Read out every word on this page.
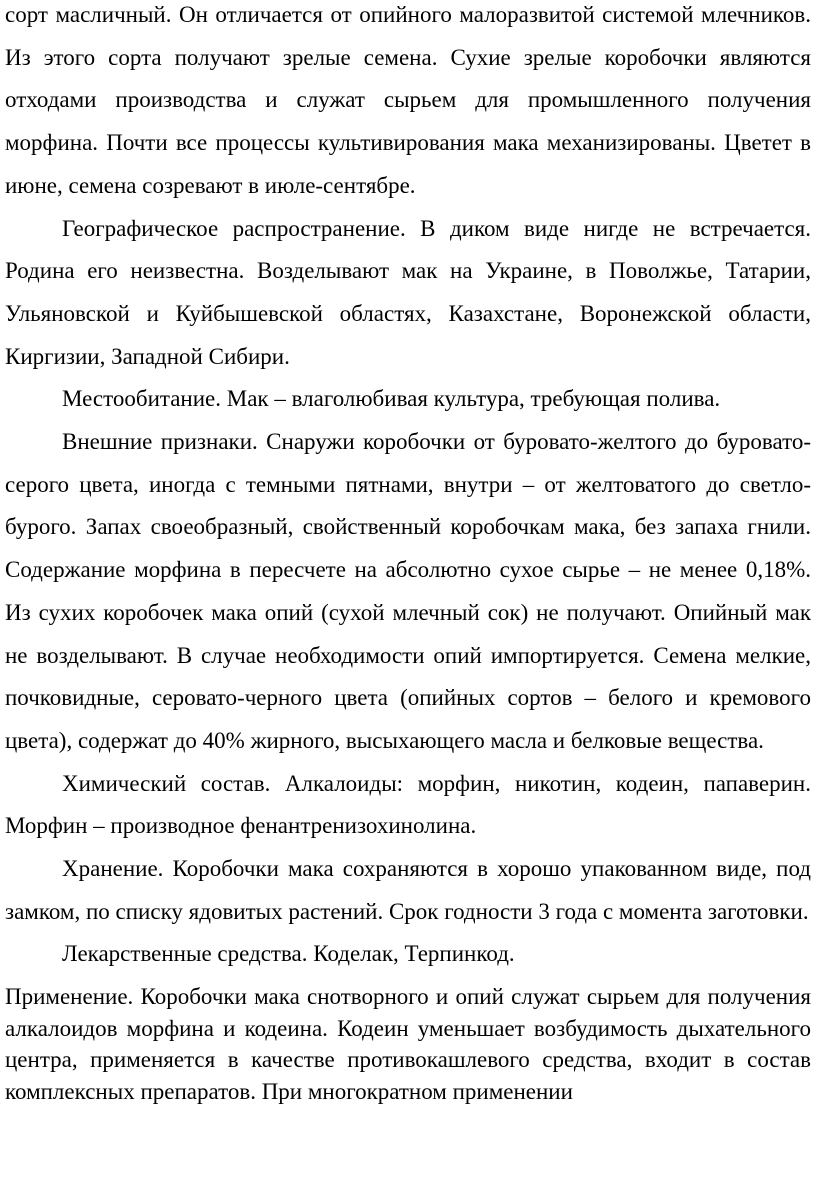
сорт масличный. Он отличается от опийного малоразвитой системой млечников. Из этого сорта получают зрелые семена. Сухие зрелые коробочки являются отходами производства и служат сырьем для промышленного получения морфина. Почти все процессы культивирования мака механизированы. Цветет в июне, семена созревают в июле-сентябре.

Географическое распространение. В диком виде нигде не встречается. Родина его неизвестна. Возделывают мак на Украине, в Поволжье, Татарии, Ульяновской и Куйбышевской областях, Казахстане, Воронежской области, Киргизии, Западной Сибири.

Местообитание. Мак – влаголюбивая культура, требующая полива.

Внешние признаки. Снаружи коробочки от буровато-желтого до буровато-серого цвета, иногда с темными пятнами, внутри – от желтоватого до светло-бурого. Запах своеобразный, свойственный коробочкам мака, без запаха гнили. Содержание морфина в пересчете на абсолютно сухое сырье – не менее 0,18%. Из сухих коробочек мака опий (сухой млечный сок) не получают. Опийный мак не возделывают. В случае необходимости опий импортируется. Семена мелкие, почковидные, серовато-черного цвета (опийных сортов – белого и кремового цвета), содержат до 40% жирного, высыхающего масла и белковые вещества.

Химический состав. Алкалоиды: морфин, никотин, кодеин, папаверин. Морфин – производное фенантренизохинолина.

Хранение. Коробочки мака сохраняются в хорошо упакованном виде, под замком, по списку ядовитых растений. Срок годности 3 года с момента заготовки.

Лекарственные средства. Коделак, Терпинкод.

Применение. Коробочки мака снотворного и опий служат сырьем для получения алкалоидов морфина и кодеина. Кодеин уменьшает возбудимость дыхательного центра, применяется в качестве противокашлевого средства, входит в состав комплексных препаратов. При многократном применении
